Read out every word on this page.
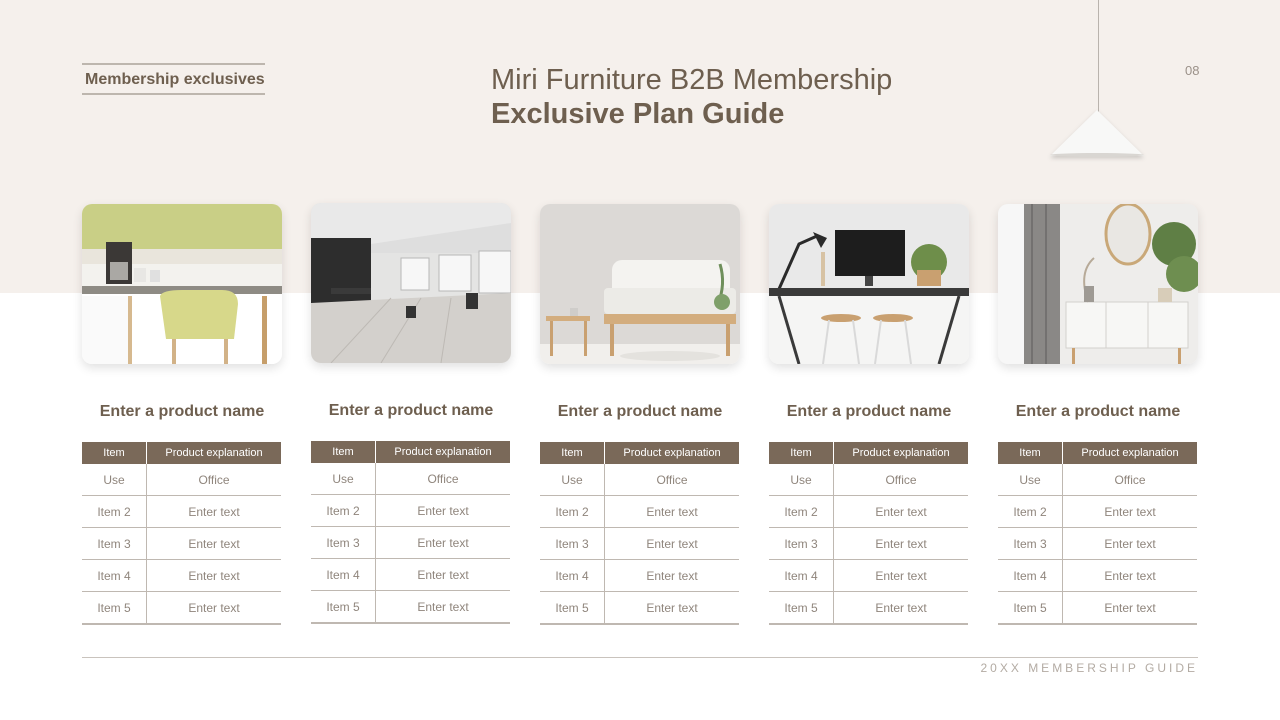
Membership exclusives	Miri Furniture B2B Membership
Exclusive Plan Guide
08
Enter a product name
Item	Product explanation
Use	Office
Item 2	Enter text
Item 3	Enter text
Item 4	Enter text
Item 5	Enter text
Enter a product name
Item	Product explanation
Use	Office
Item 2	Enter text
Item 3	Enter text
Item 4	Enter text
Item 5	Enter text
Enter a product name
Item	Product explanation
Use	Office
Item 2	Enter text
Item 3	Enter text
Item 4	Enter text
Item 5	Enter text
Enter a product name
Item	Product explanation
Use	Office
Item 2	Enter text
Item 3	Enter text
Item 4	Enter text
Item 5	Enter text
Enter a product name
Item	Product explanation
Use	Office
Item 2	Enter text
Item 3	Enter text
Item 4	Enter text
Item 5	Enter text
20XX MEMBERSHIP GUIDE
